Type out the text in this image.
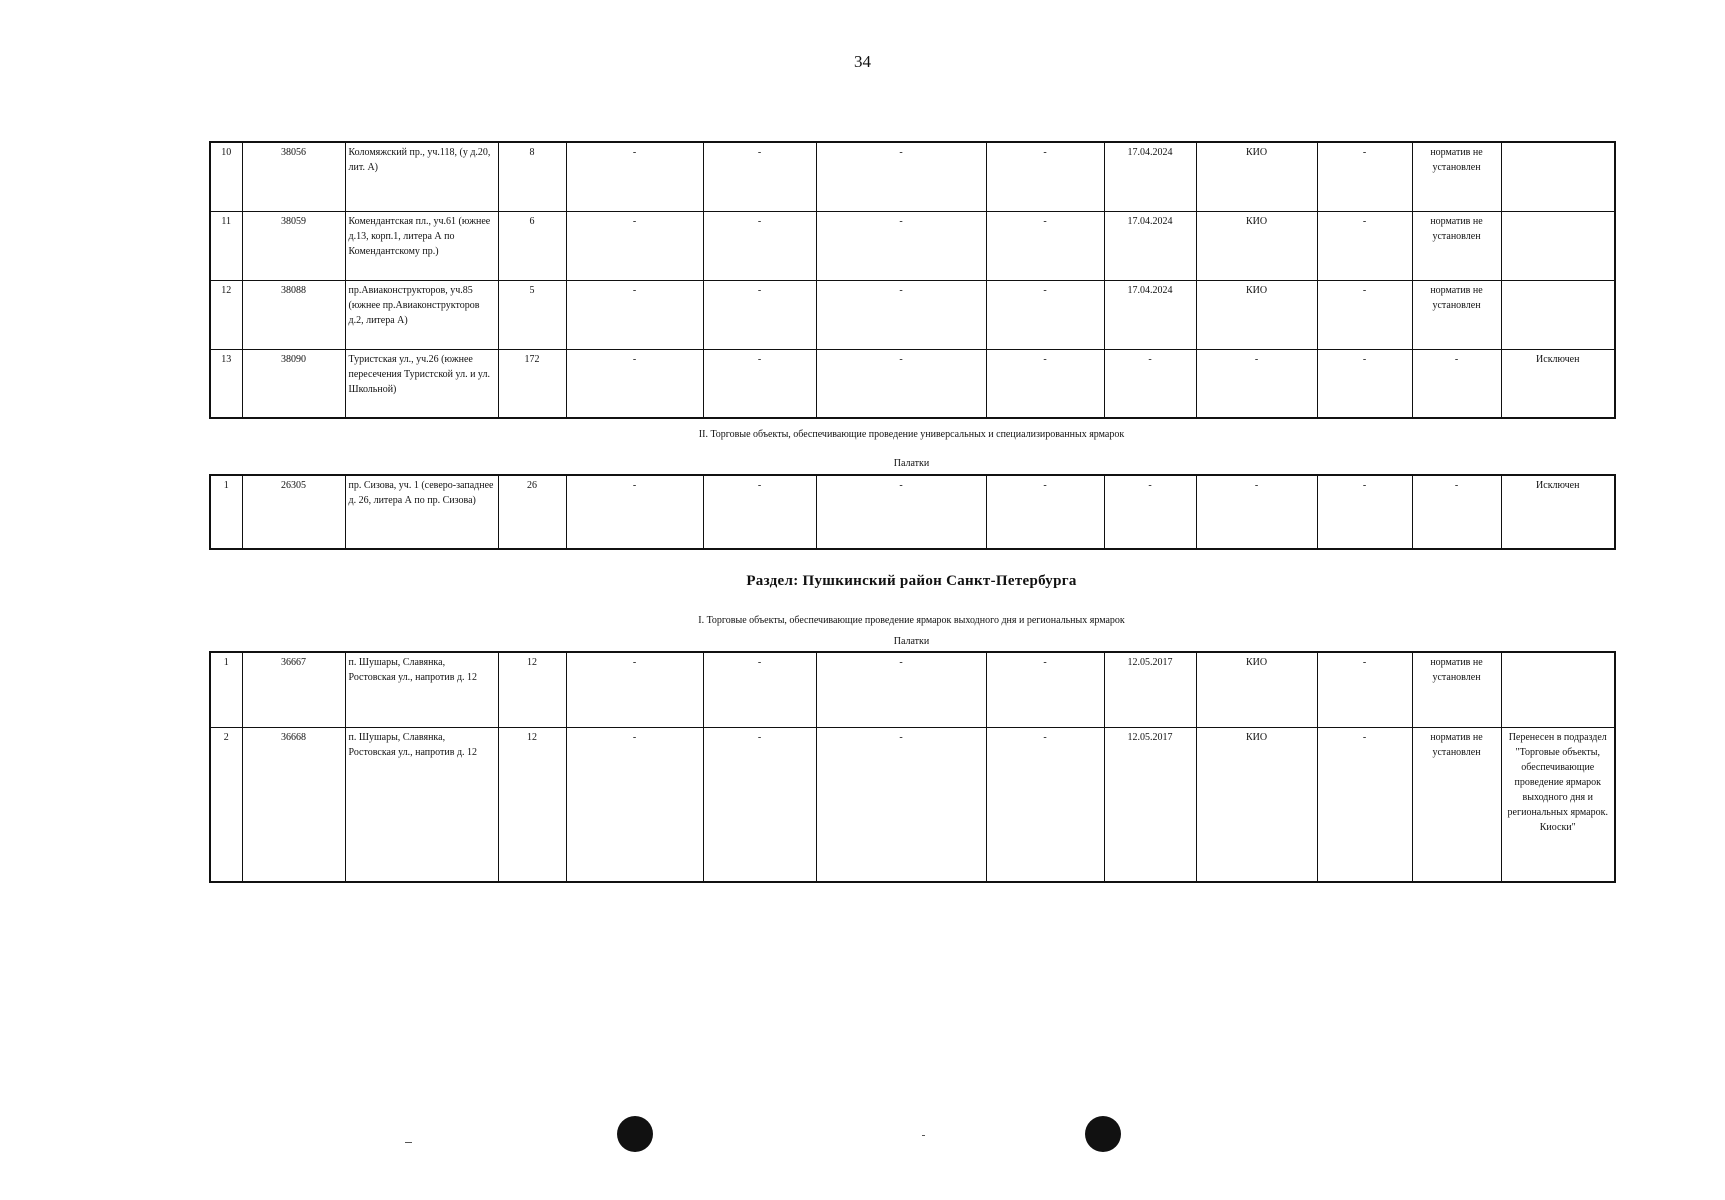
34
10	38056	Коломяжский пр., уч.118, (у д.20, лит. А)	8	-	-	-	-	17.04.2024	КИО	-	норматив не установлен	
11	38059	Комендантская пл., уч.61 (южнее д.13, корп.1, литера А по Комендантскому пр.)	6	-	-	-	-	17.04.2024	КИО	-	норматив не установлен	
12	38088	пр.Авиаконструкторов, уч.85 (южнее пр.Авиаконструкторов д.2, литера А)	5	-	-	-	-	17.04.2024	КИО	-	норматив не установлен	
13	38090	Туристская ул., уч.26 (южнее пересечения Туристской ул. и ул. Школьной)	172	-	-	-	-	-	-	-	-	Исключен
II. Торговые объекты, обеспечивающие проведение универсальных и специализированных ярмарок
Палатки
1	26305	пр. Сизова, уч. 1 (северо-западнее д. 26, литера А по пр. Сизова)	26	-	-	-	-	-	-	-	-	Исключен
Раздел: Пушкинский район Санкт-Петербурга
I. Торговые объекты, обеспечивающие проведение ярмарок выходного дня и региональных ярмарок
Палатки
1	36667	п. Шушары, Славянка, Ростовская ул., напротив д. 12	12	-	-	-	-	12.05.2017	КИО	-	норматив не установлен	
2	36668	п. Шушары, Славянка, Ростовская ул., напротив д. 12	12	-	-	-	-	12.05.2017	КИО	-	норматив не установлен	Перенесен в подраздел "Торговые объекты, обеспечивающие проведение ярмарок выходного дня и региональных ярмарок. Киоски"
